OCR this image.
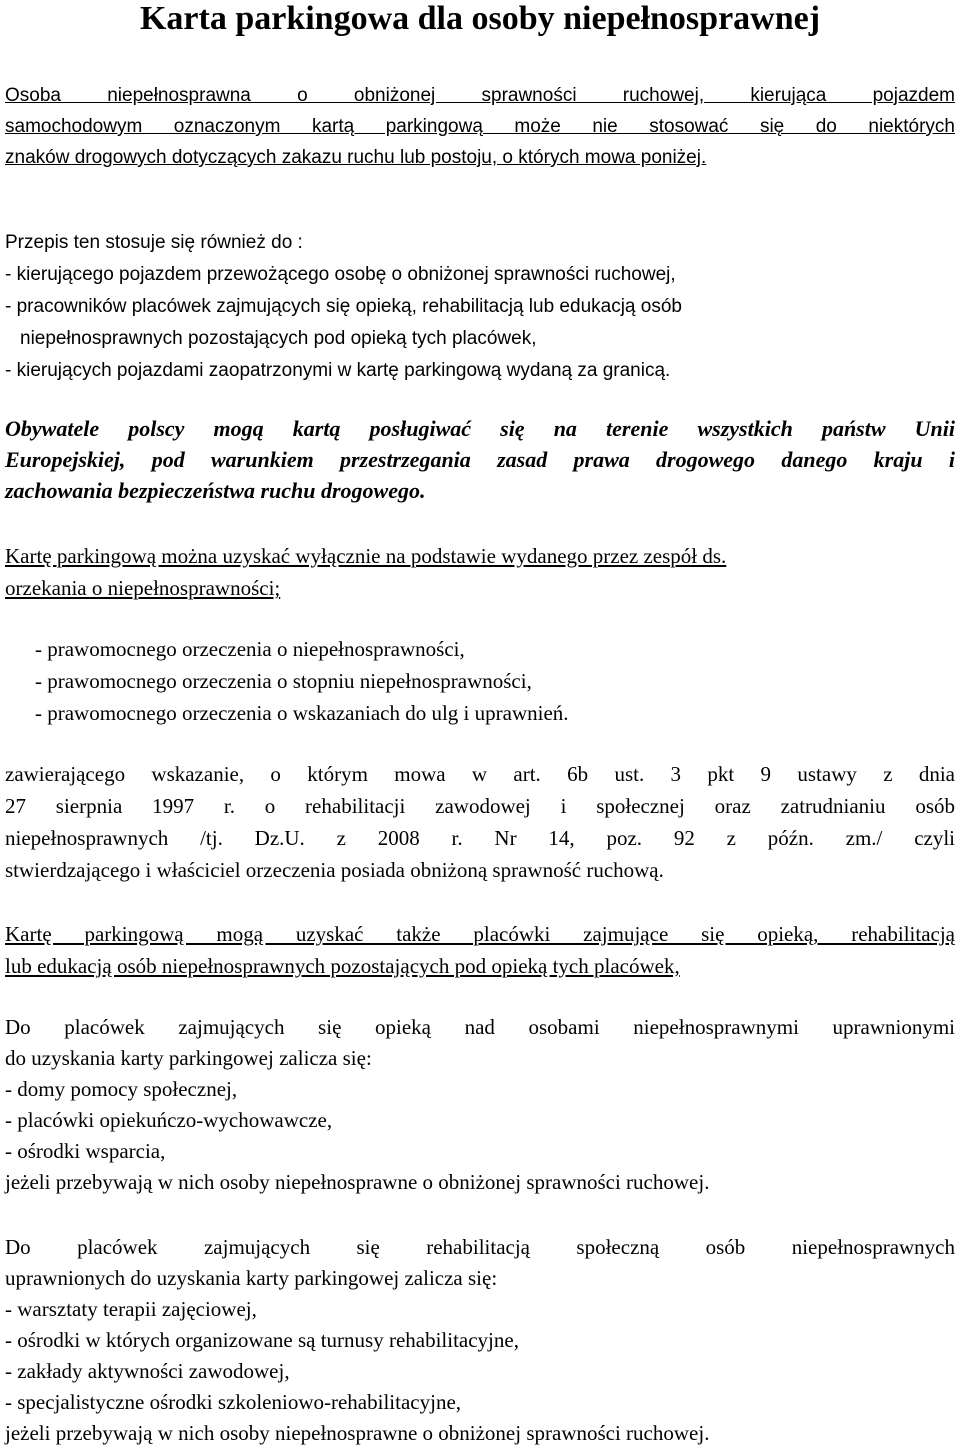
Karta parkingowa dla osoby niepełnosprawnej
Osoba niepełnosprawna o obniżonej sprawności ruchowej, kierująca pojazdem
samochodowym oznaczonym kartą parkingową może nie stosować się do niektórych
znaków drogowych dotyczących zakazu ruchu lub postoju, o których mowa poniżej.
Przepis ten stosuje się również do :
- kierującego pojazdem przewożącego osobę o obniżonej sprawności ruchowej,
- pracowników placówek zajmujących się opieką, rehabilitacją lub edukacją osób
niepełnosprawnych pozostających pod opieką tych placówek,
- kierujących pojazdami zaopatrzonymi w kartę parkingową wydaną za granicą.
Obywatele polscy mogą kartą posługiwać się na terenie wszystkich państw Unii
Europejskiej, pod warunkiem przestrzegania zasad prawa drogowego danego kraju i
zachowania bezpieczeństwa ruchu drogowego.
Kartę parkingową można uzyskać wyłącznie na podstawie wydanego przez zespół ds.
orzekania o niepełnosprawności;
- prawomocnego orzeczenia o niepełnosprawności,
- prawomocnego orzeczenia o stopniu niepełnosprawności,
- prawomocnego orzeczenia o wskazaniach do ulg i uprawnień.
zawierającego wskazanie, o którym mowa w art. 6b ust. 3 pkt 9 ustawy z dnia
27 sierpnia 1997 r. o rehabilitacji zawodowej i społecznej oraz zatrudnianiu osób
niepełnosprawnych /tj. Dz.U. z 2008 r. Nr 14, poz. 92 z późn. zm./ czyli
stwierdzającego i właściciel orzeczenia posiada obniżoną sprawność ruchową.
Kartę parkingową mogą uzyskać także placówki zajmujące się opieką, rehabilitacją
lub edukacją osób niepełnosprawnych pozostających pod opieką tych placówek,
Do placówek zajmujących się opieką nad osobami niepełnosprawnymi uprawnionymi
do uzyskania karty parkingowej zalicza się:
- domy pomocy społecznej,
- placówki opiekuńczo-wychowawcze,
- ośrodki wsparcia,
jeżeli przebywają w nich osoby niepełnosprawne o obniżonej sprawności ruchowej.
Do placówek zajmujących się rehabilitacją społeczną osób niepełnosprawnych
uprawnionych do uzyskania karty parkingowej zalicza się:
- warsztaty terapii zajęciowej,
- ośrodki w których organizowane są turnusy rehabilitacyjne,
- zakłady aktywności zawodowej,
- specjalistyczne ośrodki szkoleniowo-rehabilitacyjne,
jeżeli przebywają w nich osoby niepełnosprawne o obniżonej sprawności ruchowej.
